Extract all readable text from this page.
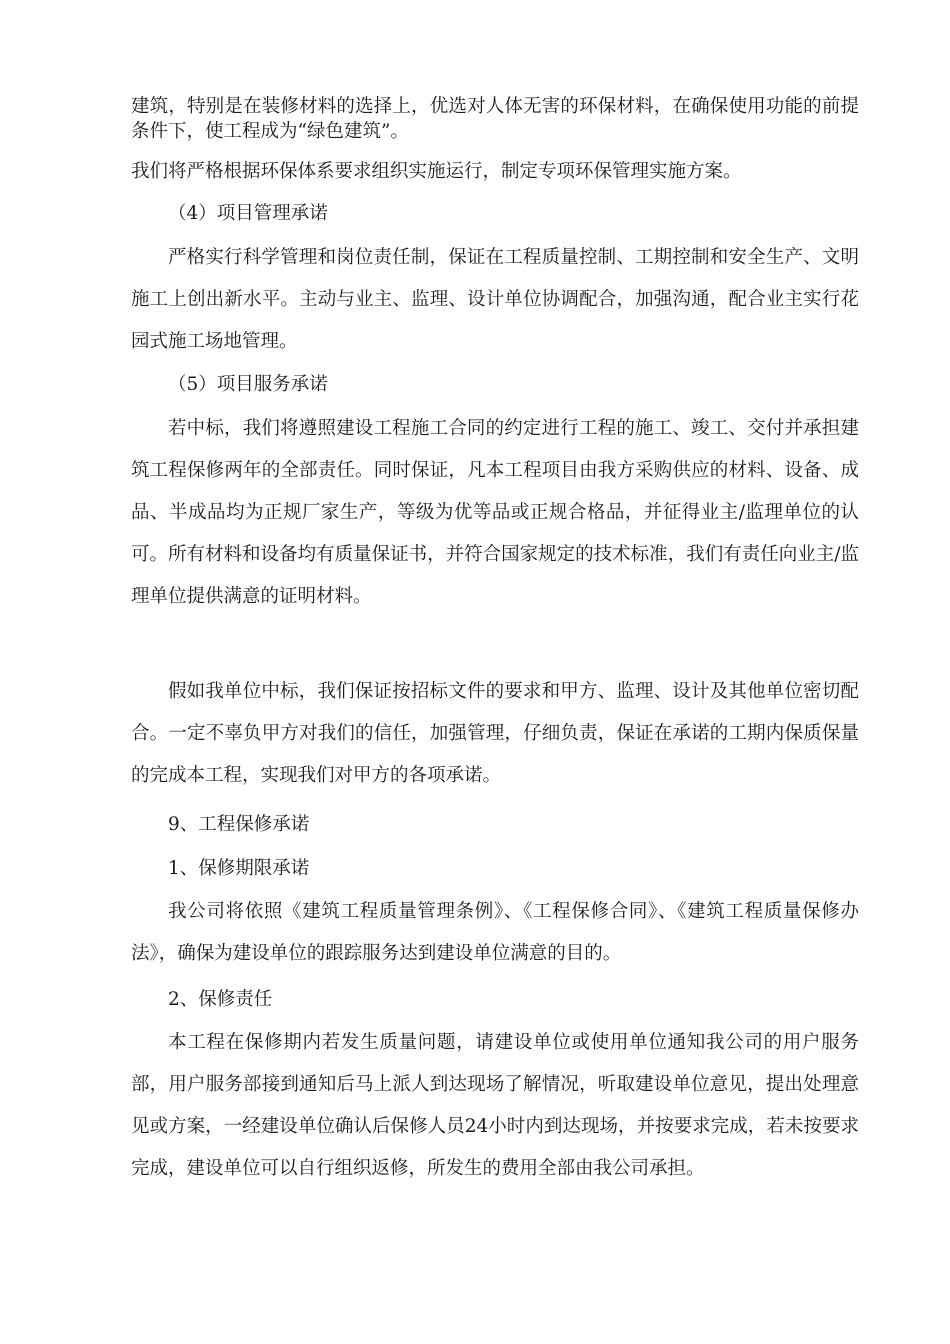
建筑，特别是在装修材料的选择上，优选对人体无害的环保材料，在确保使用功能的前提条件下，使工程成为“绿色建筑”。

我们将严格根据环保体系要求组织实施运行，制定专项环保管理实施方案。

（4）项目管理承诺

严格实行科学管理和岗位责任制，保证在工程质量控制、工期控制和安全生产、文明施工上创出新水平。主动与业主、监理、设计单位协调配合，加强沟通，配合业主实行花园式施工场地管理。

（5）项目服务承诺

若中标，我们将遵照建设工程施工合同的约定进行工程的施工、竣工、交付并承担建筑工程保修两年的全部责任。同时保证，凡本工程项目由我方采购供应的材料、设备、成品、半成品均为正规厂家生产，等级为优等品或正规合格品，并征得业主/监理单位的认可。所有材料和设备均有质量保证书，并符合国家规定的技术标准，我们有责任向业主/监理单位提供满意的证明材料。

假如我单位中标，我们保证按招标文件的要求和甲方、监理、设计及其他单位密切配合。一定不辜负甲方对我们的信任，加强管理，仔细负责，保证在承诺的工期内保质保量的完成本工程，实现我们对甲方的各项承诺。

9、工程保修承诺

1、保修期限承诺

我公司将依照《建筑工程质量管理条例》、《工程保修合同》、《建筑工程质量保修办法》，确保为建设单位的跟踪服务达到建设单位满意的目的。

2、保修责任

本工程在保修期内若发生质量问题，请建设单位或使用单位通知我公司的用户服务部，用户服务部接到通知后马上派人到达现场了解情况，听取建设单位意见，提出处理意见或方案，一经建设单位确认后保修人员24小时内到达现场，并按要求完成，若未按要求完成，建设单位可以自行组织返修，所发生的费用全部由我公司承担。
